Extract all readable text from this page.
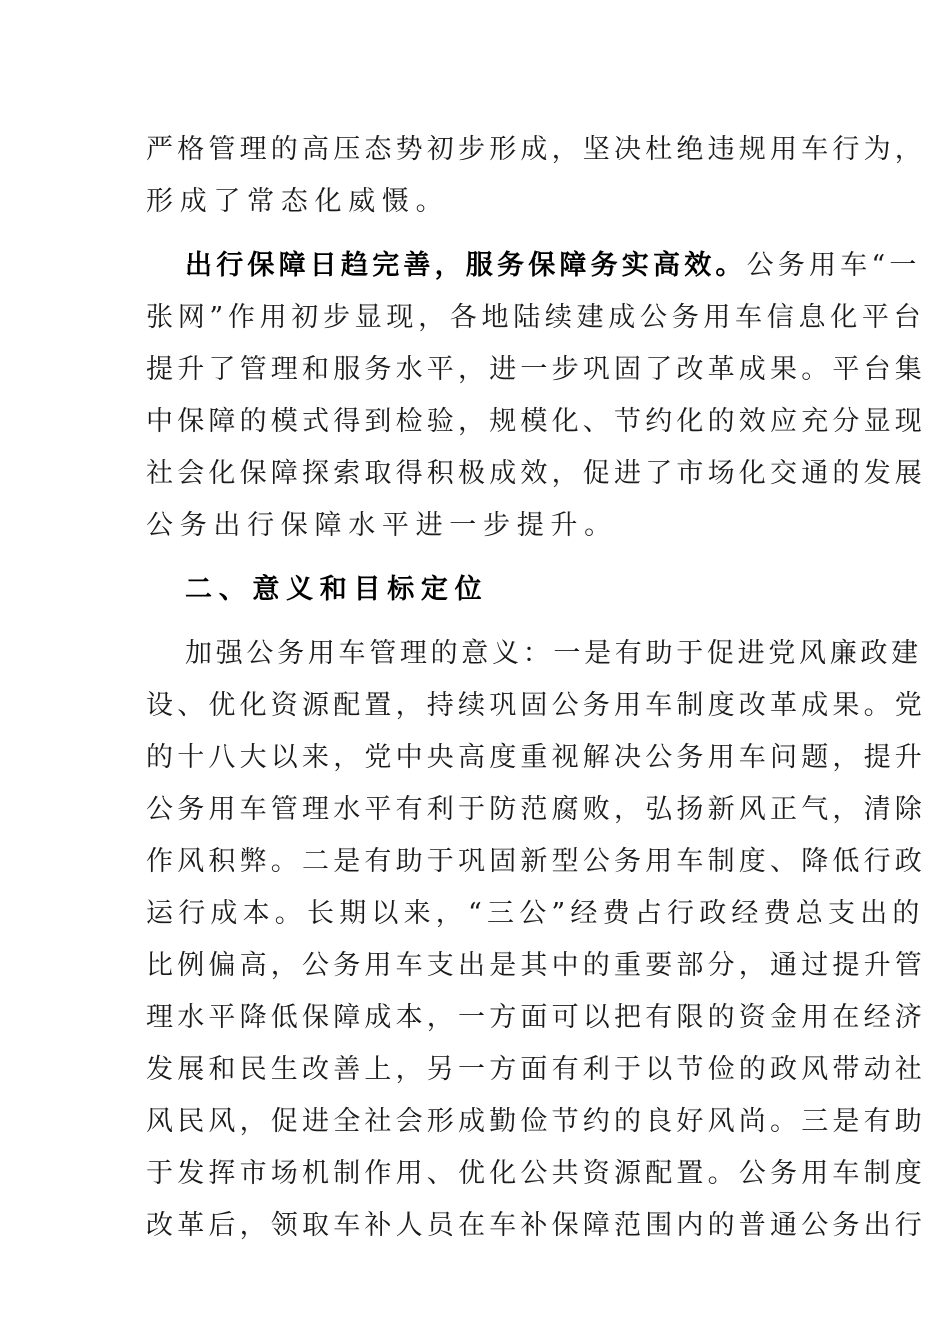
严格管理的高压态势初步形成，坚决杜绝违规用车行为，
形成了常态化威慑。
出行保障日趋完善，服务保障务实高效。公务用车“一
张网”作用初步显现，各地陆续建成公务用车信息化平台
提升了管理和服务水平，进一步巩固了改革成果。平台集
中保障的模式得到检验，规模化、节约化的效应充分显现
社会化保障探索取得积极成效，促进了市场化交通的发展
公务出行保障水平进一步提升。
二、意义和目标定位
加强公务用车管理的意义：一是有助于促进党风廉政建
设、优化资源配置，持续巩固公务用车制度改革成果。党
的十八大以来，党中央高度重视解决公务用车问题，提升
公务用车管理水平有利于防范腐败，弘扬新风正气，清除
作风积弊。二是有助于巩固新型公务用车制度、降低行政
运行成本。长期以来，“三公”经费占行政经费总支出的
比例偏高，公务用车支出是其中的重要部分，通过提升管
理水平降低保障成本，一方面可以把有限的资金用在经济
发展和民生改善上，另一方面有利于以节俭的政风带动社
风民风，促进全社会形成勤俭节约的良好风尚。三是有助
于发挥市场机制作用、优化公共资源配置。公务用车制度
改革后，领取车补人员在车补保障范围内的普通公务出行
